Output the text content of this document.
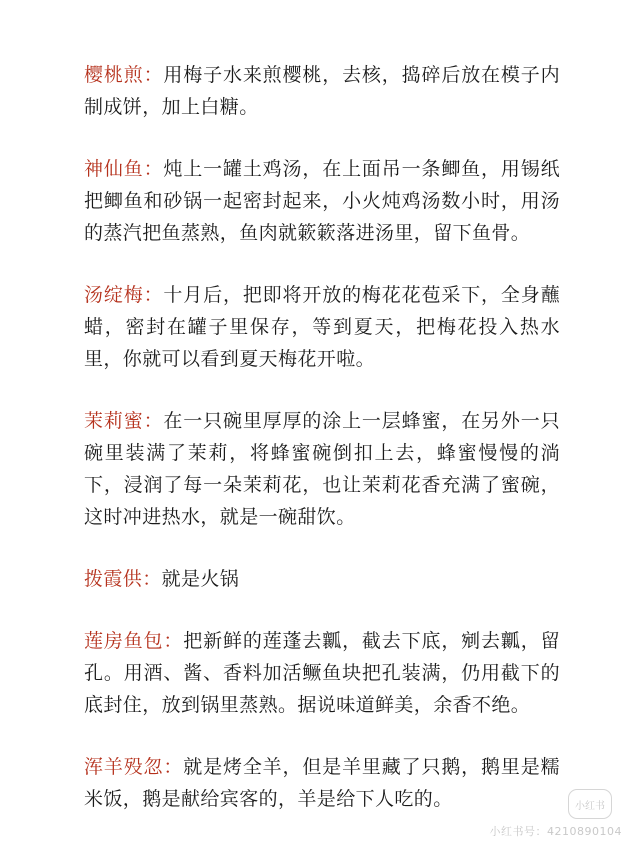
樱桃煎：用梅子水来煎樱桃，去核，捣碎后放在模子内制成饼，加上白糖。

神仙鱼：炖上一罐土鸡汤，在上面吊一条鲫鱼，用锡纸把鲫鱼和砂锅一起密封起来，小火炖鸡汤数小时，用汤的蒸汽把鱼蒸熟，鱼肉就簌簌落进汤里，留下鱼骨。

汤绽梅：十月后，把即将开放的梅花花苞采下，全身蘸蜡，密封在罐子里保存，等到夏天，把梅花投入热水里，你就可以看到夏天梅花开啦。

茉莉蜜：在一只碗里厚厚的涂上一层蜂蜜，在另外一只碗里装满了茉莉，将蜂蜜碗倒扣上去，蜂蜜慢慢的淌下，浸润了每一朵茉莉花，也让茉莉花香充满了蜜碗，这时冲进热水，就是一碗甜饮。

拨霞供：就是火锅

莲房鱼包：把新鲜的莲蓬去瓤，截去下底，剜去瓤，留孔。用酒、酱、香料加活鳜鱼块把孔装满，仍用截下的底封住，放到锅里蒸熟。据说味道鲜美，余香不绝。

浑羊殁忽：就是烤全羊，但是羊里藏了只鹅，鹅里是糯米饭，鹅是献给宾客的，羊是给下人吃的。	小红书
小红书号：4210890104
